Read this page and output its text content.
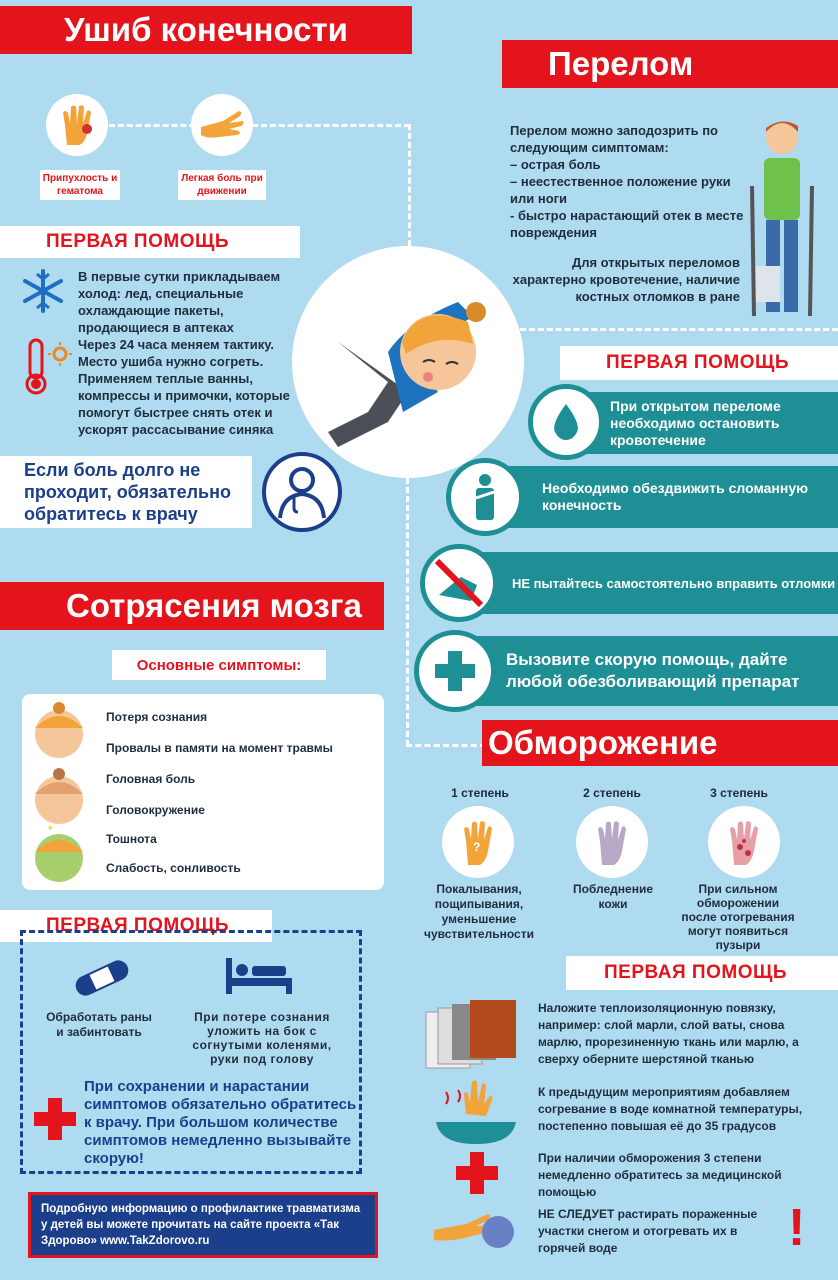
Ушиб конечности
Припухлость и гематома
Легкая боль при движении
ПЕРВАЯ ПОМОЩЬ
В первые сутки прикладываем холод: лед, специальные охлаждающие пакеты, продающиеся в аптеках
Через 24 часа меняем тактику. Место ушиба нужно согреть. Применяем теплые ванны, компрессы и примочки, которые помогут быстрее снять отек и ускорят рассасывание синяка
Если боль долго не проходит, обязательно обратитесь к врачу
Перелом
Перелом можно заподозрить по следующим симптомам:
– острая боль
– неестественное положение руки или ноги
- быстро нарастающий отек в месте повреждения
Для открытых переломов характерно кровотечение, наличие костных отломков в ране
ПЕРВАЯ ПОМОЩЬ
При открытом переломе необходимо остановить кровотечение
Необходимо обездвижить сломанную конечность
НЕ пытайтесь самостоятельно вправить отломки
Вызовите скорую помощь, дайте любой обезболивающий препарат
Сотрясения мозга
Основные симптомы:
*
Потеря сознания
Провалы в памяти на момент травмы
Головная боль
Головокружение
Тошнота
Слабость, сонливость
ПЕРВАЯ ПОМОЩЬ
Обработать раны и забинтовать
При потере сознания уложить на бок с согнутыми коленями, руки под голову
При сохранении и нарастании симптомов обязательно обратитесь к врачу. При большом количестве симптомов немедленно вызывайте скорую!
Подробную информацию о профилактике травматизма у детей вы можете прочитать на сайте проекта «Так Здорово» www.TakZdorovo.ru
Обморожение
1 степень
?
Покалывания, пощипывания, уменьшение чувствительности
2 степень
Побледнение кожи
3 степень
При сильном обморожении после отогревания могут появиться пузыри
ПЕРВАЯ ПОМОЩЬ
Наложите теплоизоляционную повязку, например: слой марли, слой ваты, снова марлю, прорезиненную ткань или марлю, а сверху оберните шерстяной тканью
К предыдущим мероприятиям добавляем согревание в воде комнатной температуры, постепенно повышая её до 35 градусов
При наличии обморожения 3 степени немедленно обратитесь за медицинской помощью
НЕ СЛЕДУЕТ растирать пораженные участки снегом и отогревать их в горячей воде	!
